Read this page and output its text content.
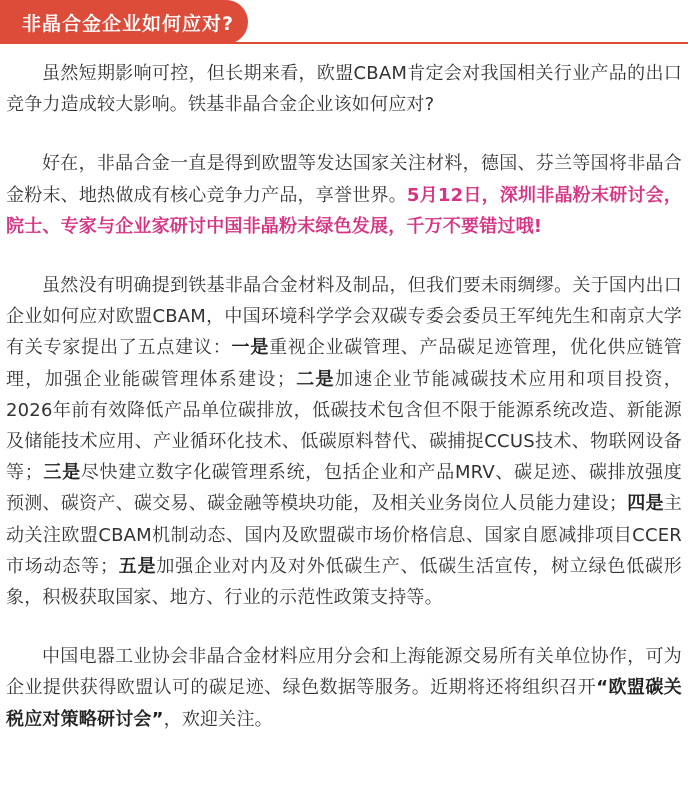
非晶合金企业如何应对?

虽然短期影响可控，但长期来看，欧盟CBAM肯定会对我国相关行业产品的出口竞争力造成较大影响。铁基非晶合金企业该如何应对?

好在，非晶合金一直是得到欧盟等发达国家关注材料，德国、芬兰等国将非晶合金粉末、地热做成有核心竞争力产品，享誉世界。5月12日，深圳非晶粉末研讨会，院士、专家与企业家研讨中国非晶粉末绿色发展，千万不要错过哦!

虽然没有明确提到铁基非晶合金材料及制品，但我们要未雨绸缪。关于国内出口企业如何应对欧盟CBAM，中国环境科学学会双碳专委会委员王军纯先生和南京大学有关专家提出了五点建议：一是重视企业碳管理、产品碳足迹管理，优化供应链管理，加强企业能碳管理体系建设；二是加速企业节能减碳技术应用和项目投资，2026年前有效降低产品单位碳排放，低碳技术包含但不限于能源系统改造、新能源及储能技术应用、产业循环化技术、低碳原料替代、碳捕捉CCUS技术、物联网设备等；三是尽快建立数字化碳管理系统，包括企业和产品MRV、碳足迹、碳排放强度预测、碳资产、碳交易、碳金融等模块功能，及相关业务岗位人员能力建设；四是主动关注欧盟CBAM机制动态、国内及欧盟碳市场价格信息、国家自愿减排项目CCER市场动态等；五是加强企业对内及对外低碳生产、低碳生活宣传，树立绿色低碳形象，积极获取国家、地方、行业的示范性政策支持等。

中国电器工业协会非晶合金材料应用分会和上海能源交易所有关单位协作，可为企业提供获得欧盟认可的碳足迹、绿色数据等服务。近期将还将组织召开“欧盟碳关税应对策略研讨会”，欢迎关注。
